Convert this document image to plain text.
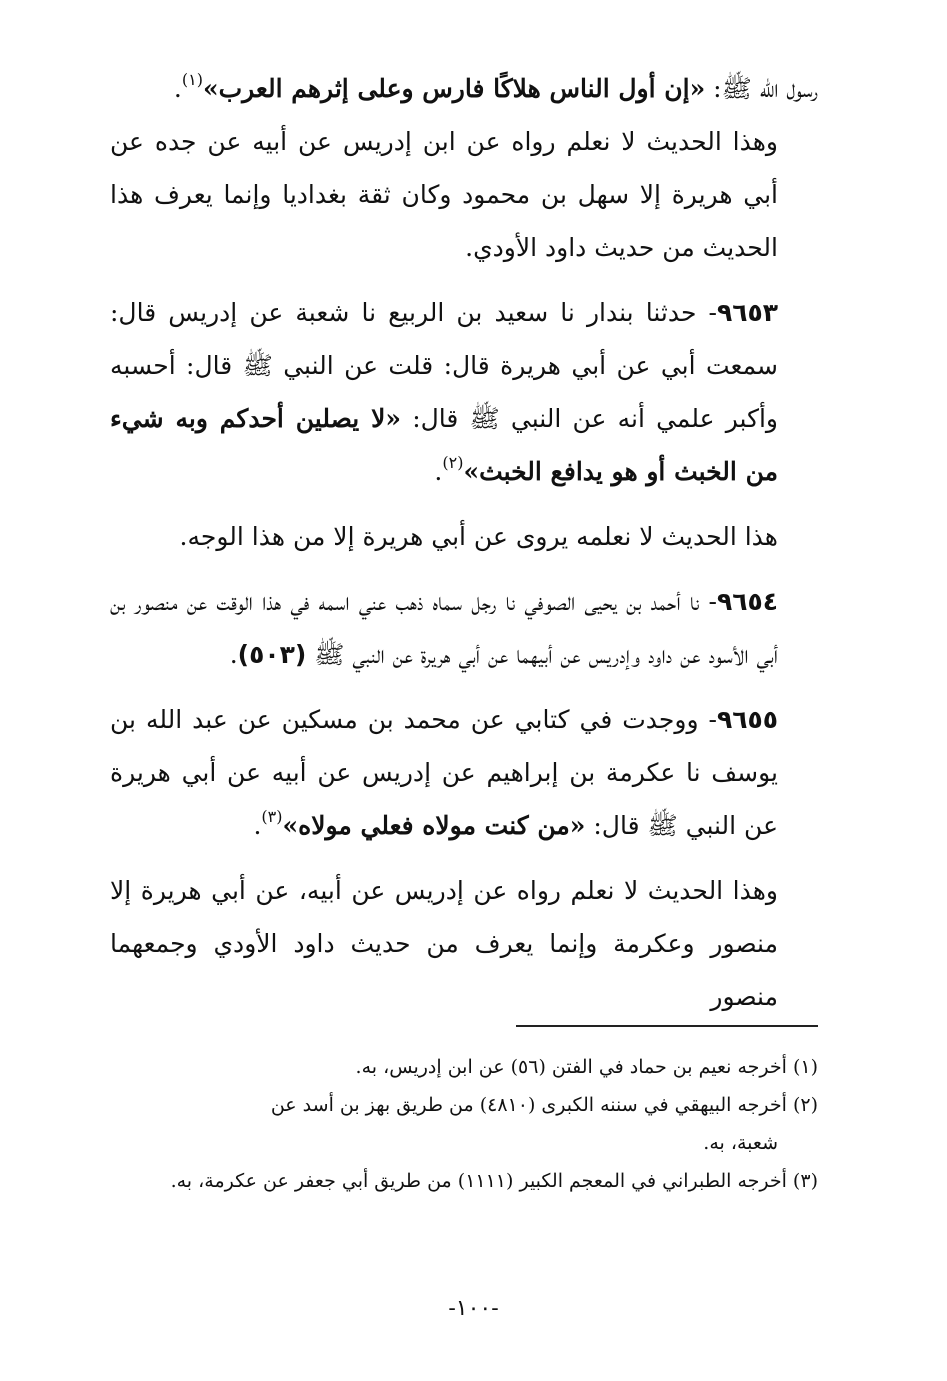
رسول الله ﷺ: «إن أول الناس هلاكًا فارس وعلى إثرهم العرب»$^{(١)}$.

وهذا الحديث لا نعلم رواه عن ابن إدريس عن أبيه عن جده عن أبي هريرة إلا سهل بن محمود وكان ثقة بغداديا وإنما يعرف هذا الحديث من حديث داود الأودي.

٩٦٥٣- حدثنا بندار نا سعيد بن الربيع نا شعبة عن إدريس قال: سمعت أبي عن أبي هريرة قال: قلت عن النبي ﷺ قال: أحسبه وأكبر علمي أنه عن النبي ﷺ قال: «لا يصلين أحدكم وبه شيء من الخبث أو هو يدافع الخبث»$^{(٢)}$.

هذا الحديث لا نعلمه يروى عن أبي هريرة إلا من هذا الوجه.

٩٦٥٤- نا أحمد بن يحيى الصوفي نا رجل سماه ذهب عني اسمه في هذا الوقت عن منصور بن أبي الأسود عن داود وإدريس عن أبيهما عن أبي هريرة عن النبي ﷺ (٥٠٣).

٩٦٥٥- ووجدت في كتابي عن محمد بن مسكين عن عبد الله بن يوسف نا عكرمة بن إبراهيم عن إدريس عن أبيه عن أبي هريرة عن النبي ﷺ قال: «من كنت مولاه فعلي مولاه»$^{(٣)}$.

وهذا الحديث لا نعلم رواه عن إدريس عن أبيه، عن أبي هريرة إلا منصور وعكرمة وإنما يعرف من حديث داود الأودي وجمعهما منصور

(١) أخرجه نعيم بن حماد في الفتن (٥٦) عن ابن إدريس، به.

(٢) أخرجه البيهقي في سننه الكبرى (٤٨١٠) من طريق بهز بن أسد عن

شعبة، به.

(٣) أخرجه الطبراني في المعجم الكبير (١١١١) من طريق أبي جعفر عن عكرمة، به.

-١٠٠-
